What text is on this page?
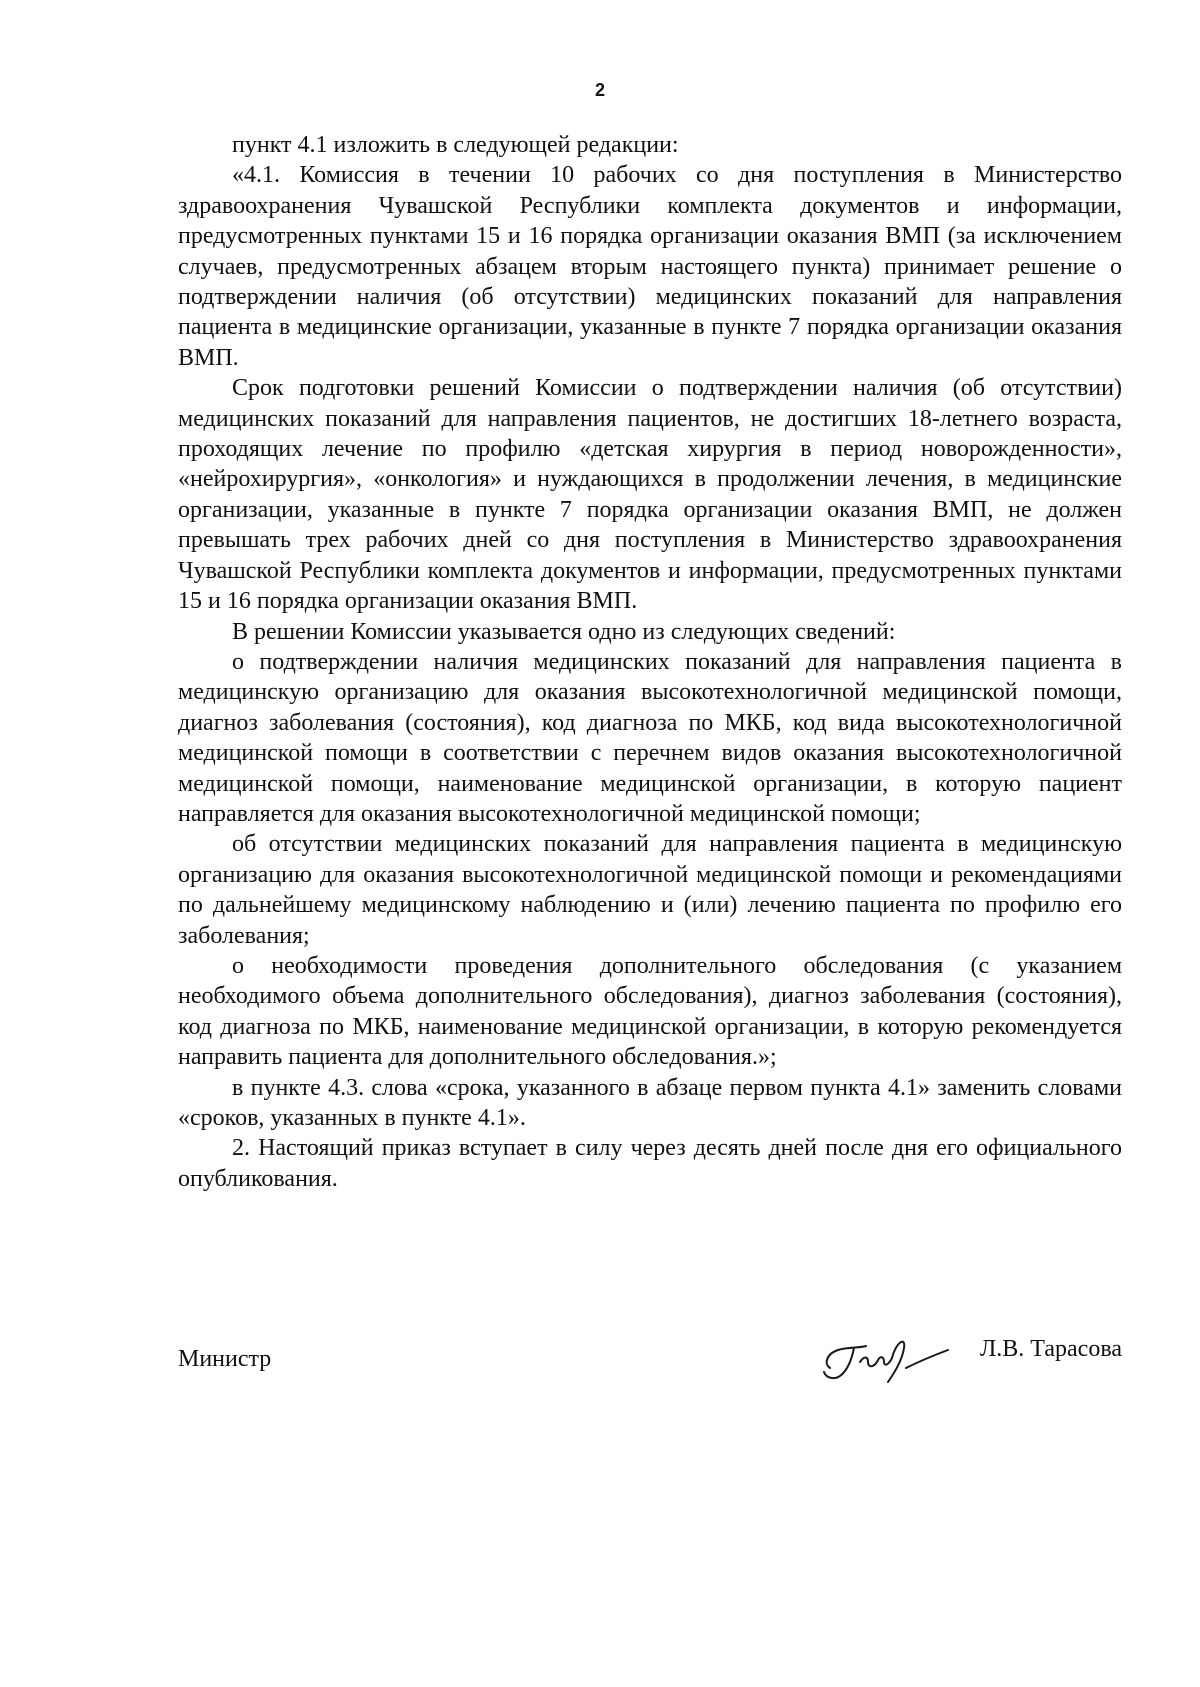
2

пункт 4.1 изложить в следующей редакции:

«4.1. Комиссия в течении 10 рабочих со дня поступления в Министерство здравоохранения Чувашской Республики комплекта документов и информации, предусмотренных пунктами 15 и 16 порядка организации оказания ВМП (за исключением случаев, предусмотренных абзацем вторым настоящего пункта) принимает решение о подтверждении наличия (об отсутствии) медицинских показаний для направления пациента в медицинские организации, указанные в пункте 7 порядка организации оказания ВМП.

Срок подготовки решений Комиссии о подтверждении наличия (об отсутствии) медицинских показаний для направления пациентов, не достигших 18-летнего возраста, проходящих лечение по профилю «детская хирургия в период новорожденности», «нейрохирургия», «онкология» и нуждающихся в продолжении лечения, в медицинские организации, указанные в пункте 7 порядка организации оказания ВМП, не должен превышать трех рабочих дней со дня поступления в Министерство здравоохранения Чувашской Республики комплекта документов и информации, предусмотренных пунктами 15 и 16 порядка организации оказания ВМП.

В решении Комиссии указывается одно из следующих сведений:

о подтверждении наличия медицинских показаний для направления пациента в медицинскую организацию для оказания высокотехнологичной медицинской помощи, диагноз заболевания (состояния), код диагноза по МКБ, код вида высокотехнологичной медицинской помощи в соответствии с перечнем видов оказания высокотехнологичной медицинской помощи, наименование медицинской организации, в которую пациент направляется для оказания высокотехнологичной медицинской помощи;

об отсутствии медицинских показаний для направления пациента в медицинскую организацию для оказания высокотехнологичной медицинской помощи и рекомендациями по дальнейшему медицинскому наблюдению и (или) лечению пациента по профилю его заболевания;

о необходимости проведения дополнительного обследования (с указанием необходимого объема дополнительного обследования), диагноз заболевания (состояния), код диагноза по МКБ, наименование медицинской организации, в которую рекомендуется направить пациента для дополнительного обследования.»;

в пункте 4.3. слова «срока, указанного в абзаце первом пункта 4.1» заменить словами «сроков, указанных в пункте 4.1».

2. Настоящий приказ вступает в силу через десять дней после дня его официального опубликования.

Министр	Л.В. Тарасова
